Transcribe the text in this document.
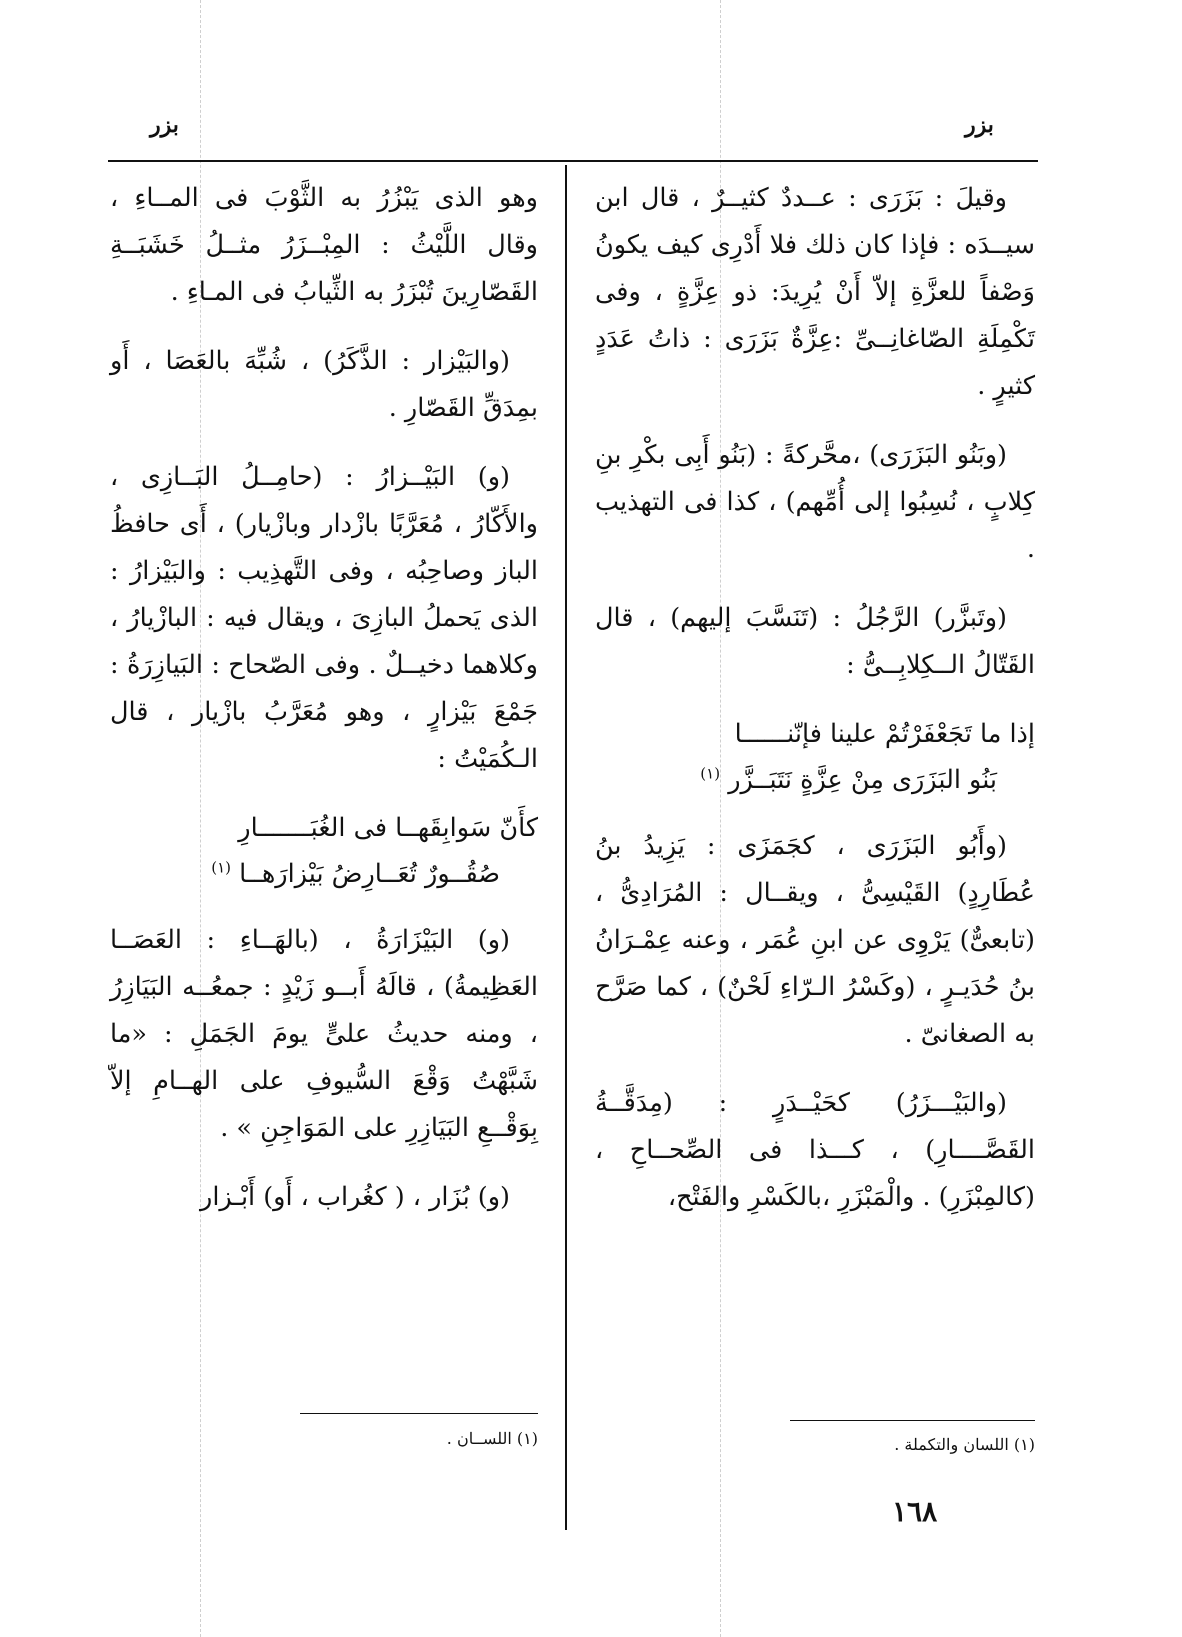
بزر	بزر

وقيلَ : بَزَرَى : عــددٌ كثيــرٌ ، قال ابن سيــدَه : فإذا كان ذلك فلا أَدْرِى كيف يكونُ وَصْفاً للعزَّةِ إلاّ أَنْ يُرِيدَ: ذو عِزَّةٍ ، وفى تَكْمِلَةِ الصّاغانِــىِّ :عِزَّةٌ بَزَرَى : ذاتُ عَدَدٍ كثيرٍ .

(وبَنُو البَزَرَى) ،محَّركةً : (بَنُو أَبِى بكْرِ بنِ كِلابٍ ، نُسِبُوا إلى أُمِّهم) ، كذا فى التهذيب .

(وتَبزَّر) الرَّجُلُ : (تَنَسَّبَ إليهم) ، قال القَتّالُ الــكِلابِــىُّ :

إذا ما تَجَعْفَرْتُمْ علينا فإنّنــــــا
بَنُو البَزَرَى مِنْ عِزَّةٍ نَتَبَــزَّر $^{(١)}$

(وأَبُو البَزَرَى ، كجَمَزَى : يَزِيدُ بنُ عُطَارِدٍ) القَيْسِىُّ ، ويقــال : المُرَادِىُّ ، (تابعىٌّ) يَرْوِى عن ابنِ عُمَر ، وعنه عِمْـرَانُ بنُ حُدَيـرٍ ، (وكَسْرُ الـرّاءِ لَحْنٌ) ، كما صَرَّح به الصغانىّ .

(والبَيْـــزَرُ) كحَيْــدَرٍ : (مِدَقَّــةُ القَصَّــــارِ) ، كـــذا فى الصِّحــاحِ ، (كالمِبْزَرِ) . والْمَبْزَرِ ،بالكَسْرِ والفَتْح،

وهو الذى يَبْزُرُ به الثَّوْبَ فى المــاءِ ، وقال اللَّيْثُ : المِبْــزَرُ مثــلُ خَشَبَــةِ القَصّارِينَ تُبْزَرُ به الثِّيابُ فى المـاءِ .

(والبَيْزار : الذَّكَرُ) ، شُبِّهَ بالعَصَا ، أَو بمِدَقِّ القَصّارِ .

(و) البَيْــزارُ : (حامِــلُ البَــازِى ، والأَكّارُ ، مُعَرَّبًا بازْدار وبازْيار) ، أَى حافظُ الباز وصاحِبُه ، وفى التَّهذِيب : والبَيْزارُ : الذى يَحملُ البازِىَ ، ويقال فيه : البازْيارُ ، وكلاهما دخيــلٌ . وفى الصّحاح : البَيازِرَةُ : جَمْعَ بَيْزارٍ ، وهو مُعَرَّبُ بازْيار ، قال الـكُمَيْتُ :

كأَنّ سَوابِقَهــا فى الغُبَـــــــارِ
صُقُــورٌ تُعَــارِضُ بَيْزارَهــا $^{(١)}$

(و) البَيْزَارَةُ ، (بالهَــاءِ : العَصَــا العَظِيمةُ) ، قالَهُ أَبــو زَيْدٍ : جمعُــه البَيَازِرُ ، ومنه حديثُ علىٍّ يومَ الجَمَلِ : «ما شَبَّهْتُ وَقْعَ السُّيوفِ على الهــامِ إلاّ بِوَقْــعِ البَيَازِرِ على المَوَاجِنِ » .

(و) بُزَار ، ( كغُراب ، أَو) أَبْـزار

(١) اللسان والتكملة .
(١) اللســان .
١٦٨
